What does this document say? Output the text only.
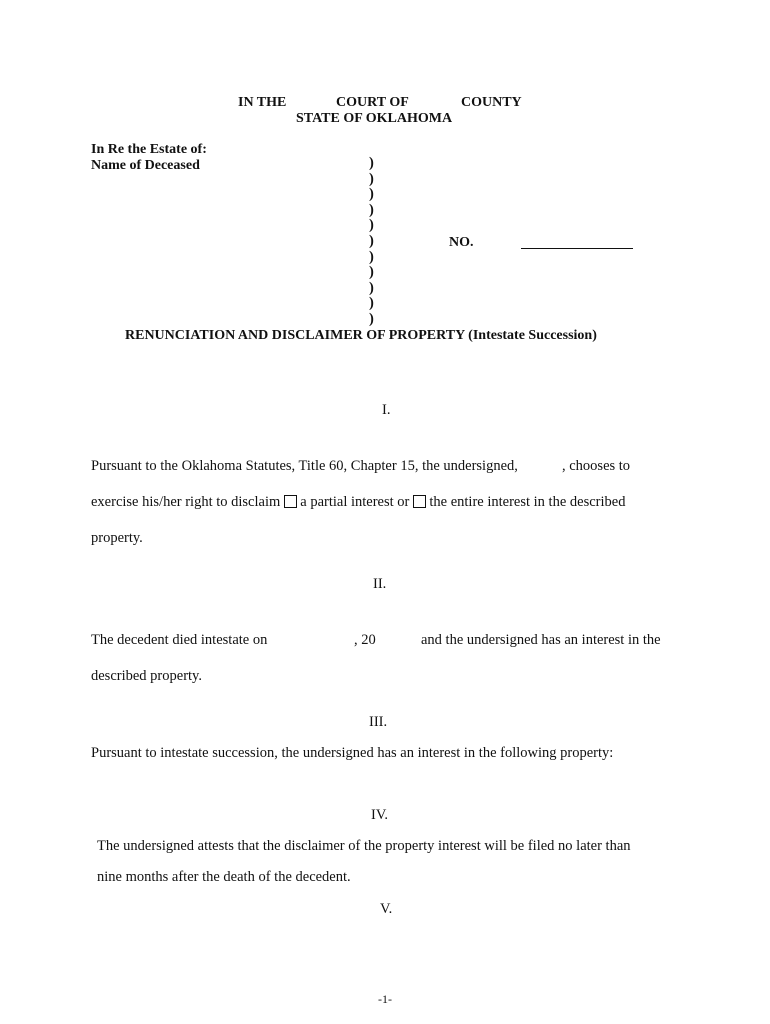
IN THE	COURT OF	COUNTY
STATE OF OKLAHOMA
In Re the Estate of:
Name of Deceased	)
)
)
)
)
)
)
)
)
)
)
NO.
RENUNCIATION AND DISCLAIMER OF PROPERTY (Intestate Succession)
I.
Pursuant to the Oklahoma Statutes, Title 60, Chapter 15, the undersigned,	, chooses to
exercise his/her right to disclaim a partial interest or the entire interest in the described
property.
II.
The decedent died intestate on	, 20	and the undersigned has an interest in the
described property.
III.
Pursuant to intestate succession, the undersigned has an interest in the following property:
IV.
The undersigned attests that the disclaimer of the property interest will be filed no later than
nine months after the death of the decedent.
V.
-1-
